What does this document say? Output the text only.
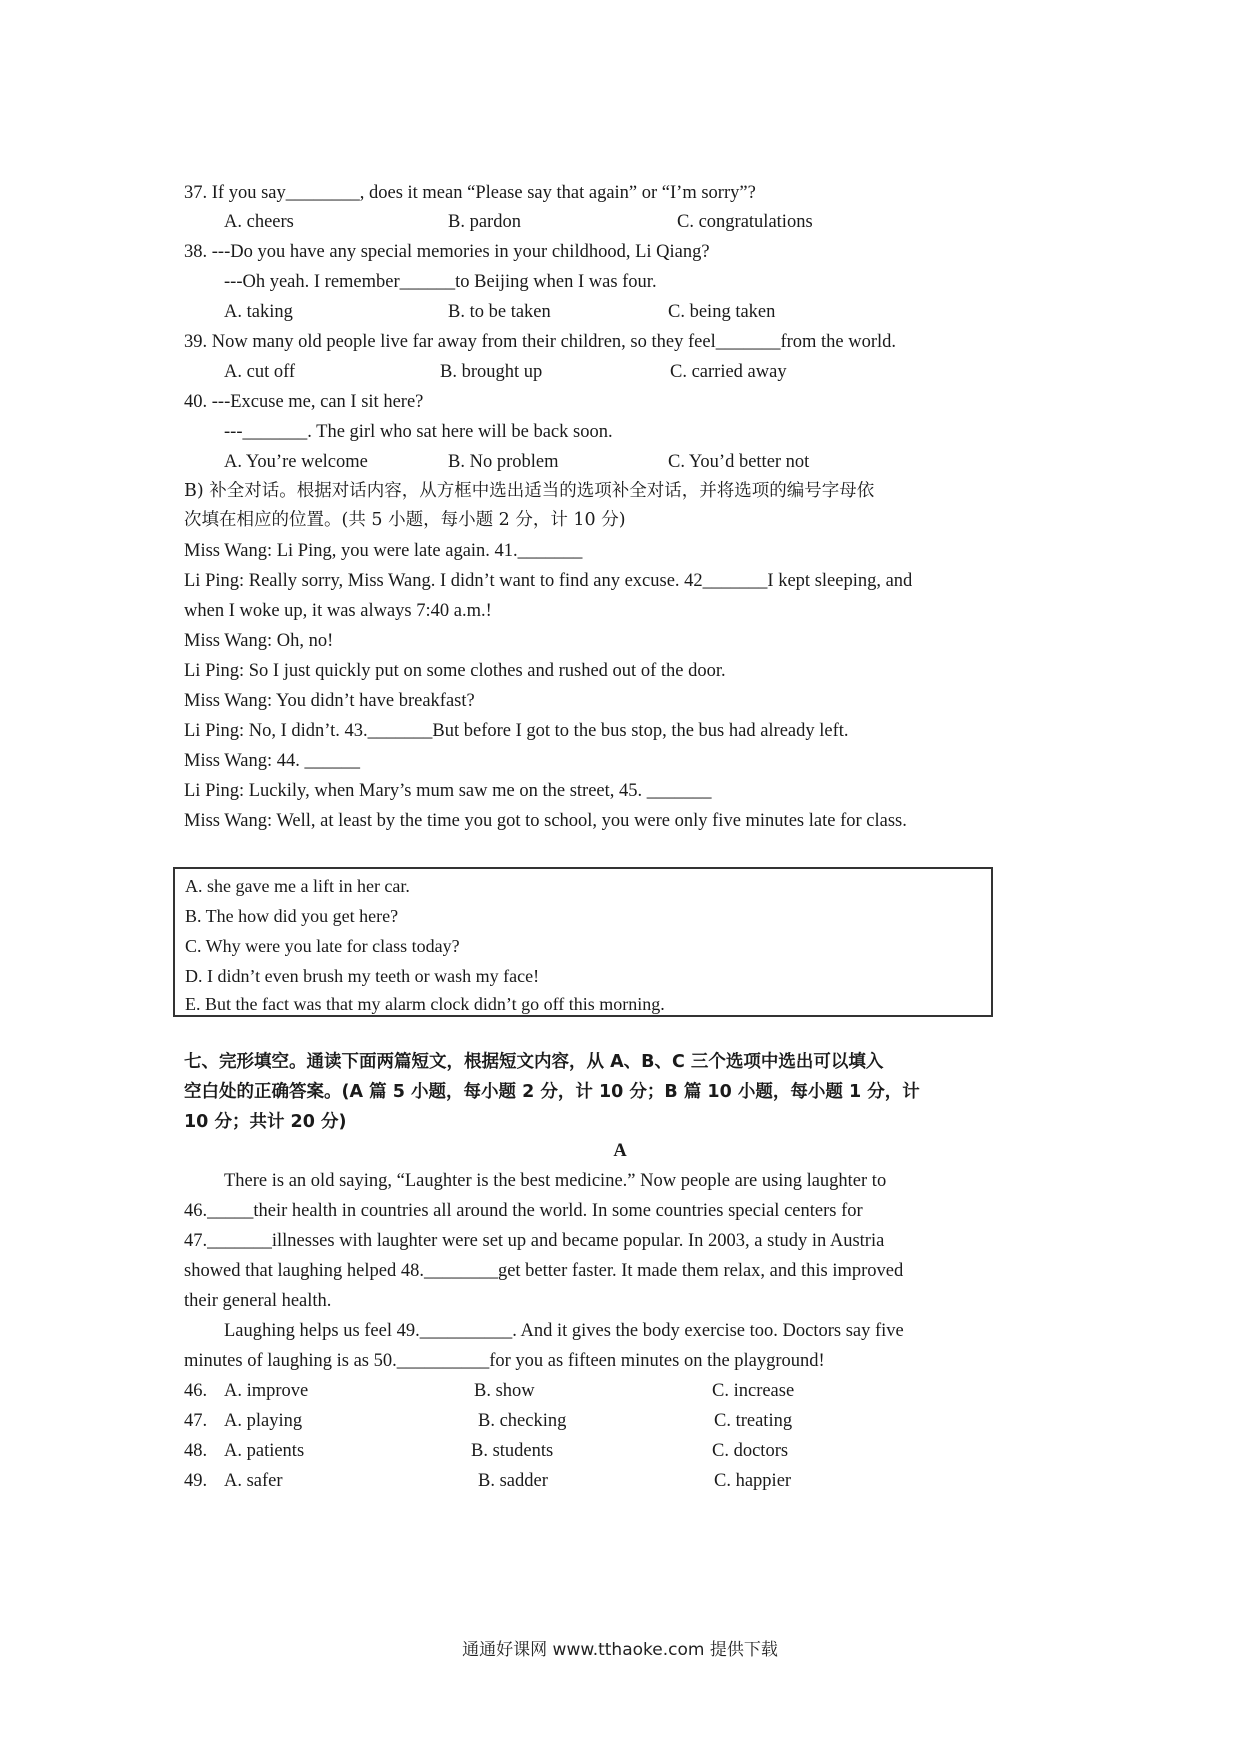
37. If you say________, does it mean “Please say that again” or “I’m sorry”?
A. cheers	B. pardon	C. congratulations
38. ---Do you have any special memories in your childhood, Li Qiang?
---Oh yeah. I remember______to Beijing when I was four.
A. taking	B. to be taken	C. being taken
39. Now many old people live far away from their children, so they feel_______from the world.
A. cut off	B. brought up	C. carried away
40. ---Excuse me, can I sit here?
---_______. The girl who sat here will be back soon.
A. You’re welcome	B. No problem	C. You’d better not
B) 补全对话。根据对话内容，从方框中选出适当的选项补全对话，并将选项的编号字母依
次填在相应的位置。(共 5 小题，每小题 2 分，计 10 分)
Miss Wang: Li Ping, you were late again. 41._______
Li Ping: Really sorry, Miss Wang. I didn’t want to find any excuse. 42_______I kept sleeping, and
when I woke up, it was always 7:40 a.m.!
Miss Wang: Oh, no!
Li Ping: So I just quickly put on some clothes and rushed out of the door.
Miss Wang: You didn’t have breakfast?
Li Ping: No, I didn’t. 43._______But before I got to the bus stop, the bus had already left.
Miss Wang: 44. ______
Li Ping: Luckily, when Mary’s mum saw me on the street, 45. _______
Miss Wang: Well, at least by the time you got to school, you were only five minutes late for class.
A. she gave me a lift in her car.
B. The how did you get here?
C. Why were you late for class today?
D. I didn’t even brush my teeth or wash my face!
E. But the fact was that my alarm clock didn’t go off this morning.
七、完形填空。通读下面两篇短文，根据短文内容，从 A、B、C 三个选项中选出可以填入
空白处的正确答案。(A 篇 5 小题，每小题 2 分，计 10 分；B 篇 10 小题，每小题 1 分，计
10 分；共计 20 分)
A
There is an old saying, “Laughter is the best medicine.” Now people are using laughter to
46._____their health in countries all around the world. In some countries special centers for
47._______illnesses with laughter were set up and became popular. In 2003, a study in Austria
showed that laughing helped 48.________get better faster. It made them relax, and this improved
their general health.
Laughing helps us feel 49.__________. And it gives the body exercise too. Doctors say five
minutes of laughing is as 50.__________for you as fifteen minutes on the playground!
46. A. improve	B. show	C. increase
47. A. playing	B. checking	C. treating
48. A. patients	B. students	C. doctors
49. A. safer	B. sadder	C. happier
通通好课网 www.tthaoke.com 提供下载
